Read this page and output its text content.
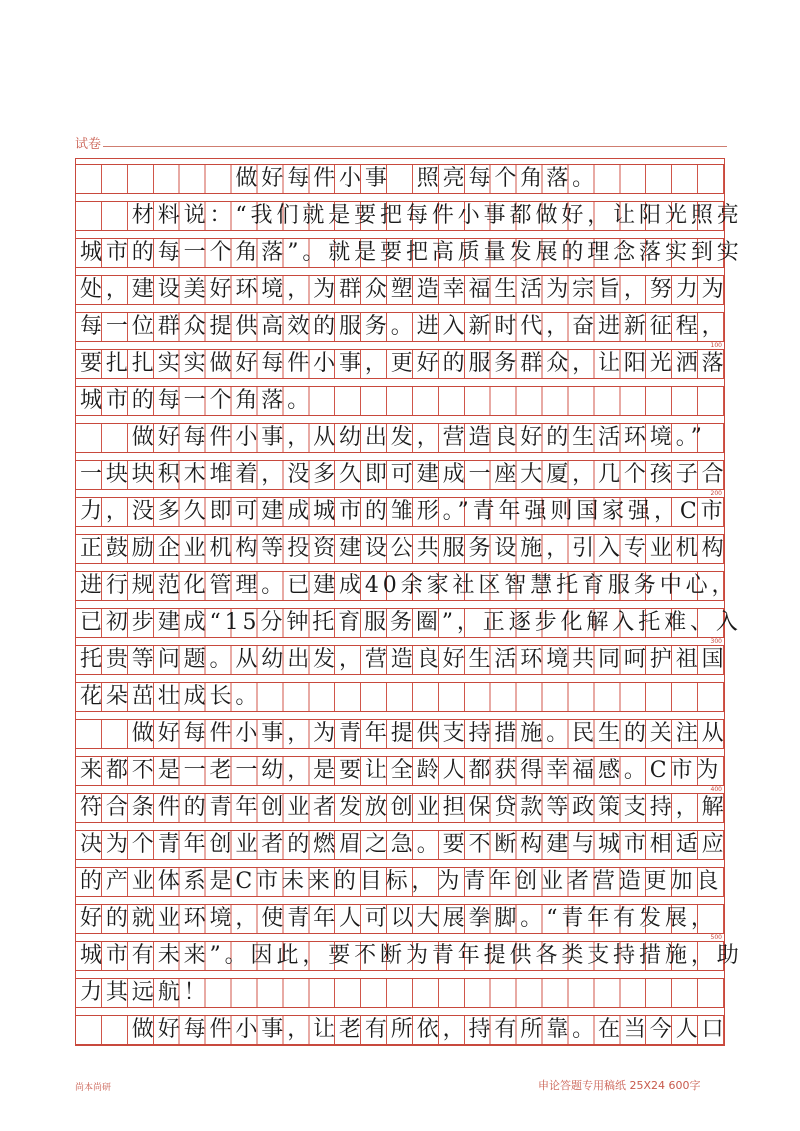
试卷
　　　　　　做好每件小事　照亮每个角落。
　　材料说：“我们就是要把每件小事都做好，让阳光照亮
城市的每一个角落”。就是要把高质量发展的理念落实到实
处，建设美好环境，为群众塑造幸福生活为宗旨，努力为
每一位群众提供高效的服务。进入新时代，奋进新征程，
100
要扎扎实实做好每件小事，更好的服务群众，让阳光洒落
城市的每一个角落。
　　做好每件小事，从幼出发，营造良好的生活环境。”
一块块积木堆着，没多久即可建成一座大厦，几个孩子合
200
力，没多久即可建成城市的雏形。”青年强则国家强，C市
正鼓励企业机构等投资建设公共服务设施，引入专业机构
进行规范化管理。已建成40余家社区智慧托育服务中心，
已初步建成“15分钟托育服务圈”，正逐步化解入托难、入
300
托贵等问题。从幼出发，营造良好生活环境共同呵护祖国
花朵茁壮成长。
　　做好每件小事，为青年提供支持措施。民生的关注从
来都不是一老一幼，是要让全龄人都获得幸福感。C市为
400
符合条件的青年创业者发放创业担保贷款等政策支持，解
决为个青年创业者的燃眉之急。要不断构建与城市相适应
的产业体系是C市未来的目标，为青年创业者营造更加良
好的就业环境，使青年人可以大展拳脚。“青年有发展，
500
城市有未来”。因此，要不断为青年提供各类支持措施，助
力其远航！
　　做好每件小事，让老有所依，持有所靠。在当今人口
尚本尚研	申论答题专用稿纸 25X24 600字
